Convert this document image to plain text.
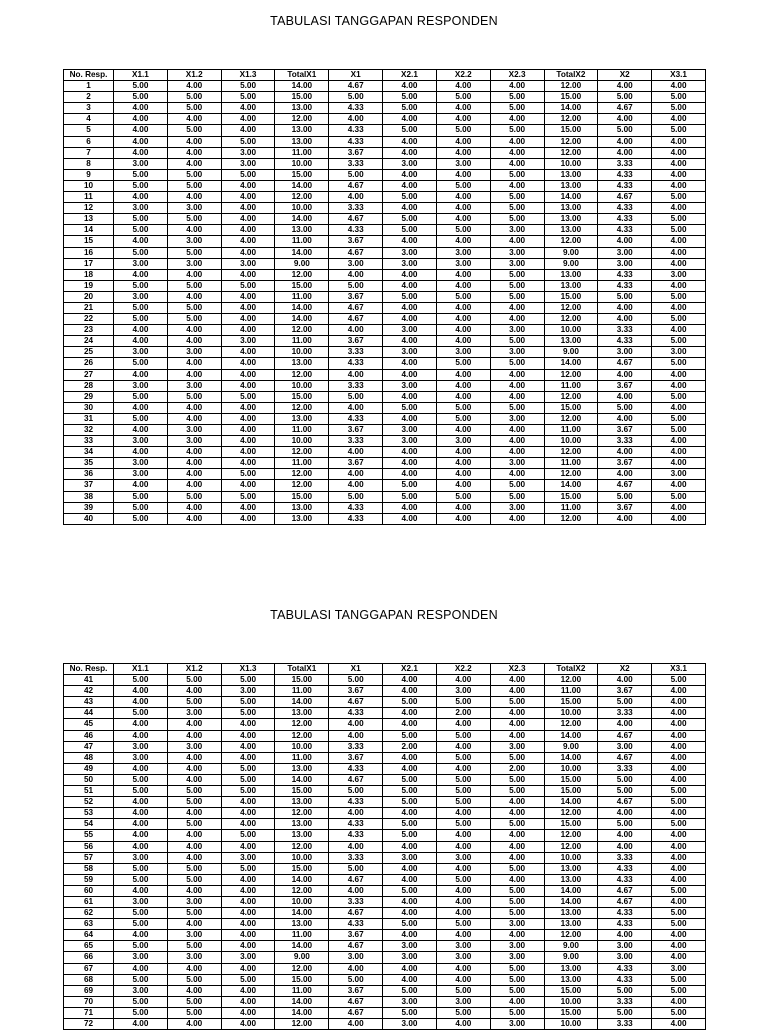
TABULASI TANGGAPAN RESPONDEN
No. Resp.	X1.1	X1.2	X1.3	TotalX1	X1	X2.1	X2.2	X2.3	TotalX2	X2	X3.1
1	5.00	4.00	5.00	14.00	4.67	4.00	4.00	4.00	12.00	4.00	4.00
2	5.00	5.00	5.00	15.00	5.00	5.00	5.00	5.00	15.00	5.00	5.00
3	4.00	5.00	4.00	13.00	4.33	5.00	4.00	5.00	14.00	4.67	5.00
4	4.00	4.00	4.00	12.00	4.00	4.00	4.00	4.00	12.00	4.00	4.00
5	4.00	5.00	4.00	13.00	4.33	5.00	5.00	5.00	15.00	5.00	5.00
6	4.00	4.00	5.00	13.00	4.33	4.00	4.00	4.00	12.00	4.00	4.00
7	4.00	4.00	3.00	11.00	3.67	4.00	4.00	4.00	12.00	4.00	4.00
8	3.00	4.00	3.00	10.00	3.33	3.00	3.00	4.00	10.00	3.33	4.00
9	5.00	5.00	5.00	15.00	5.00	4.00	4.00	5.00	13.00	4.33	4.00
10	5.00	5.00	4.00	14.00	4.67	4.00	5.00	4.00	13.00	4.33	4.00
11	4.00	4.00	4.00	12.00	4.00	5.00	4.00	5.00	14.00	4.67	5.00
12	3.00	3.00	4.00	10.00	3.33	4.00	4.00	5.00	13.00	4.33	4.00
13	5.00	5.00	4.00	14.00	4.67	5.00	4.00	5.00	13.00	4.33	5.00
14	5.00	4.00	4.00	13.00	4.33	5.00	5.00	3.00	13.00	4.33	5.00
15	4.00	3.00	4.00	11.00	3.67	4.00	4.00	4.00	12.00	4.00	4.00
16	5.00	5.00	4.00	14.00	4.67	3.00	3.00	3.00	9.00	3.00	4.00
17	3.00	3.00	3.00	9.00	3.00	3.00	3.00	3.00	9.00	3.00	4.00
18	4.00	4.00	4.00	12.00	4.00	4.00	4.00	5.00	13.00	4.33	3.00
19	5.00	5.00	5.00	15.00	5.00	4.00	4.00	5.00	13.00	4.33	4.00
20	3.00	4.00	4.00	11.00	3.67	5.00	5.00	5.00	15.00	5.00	5.00
21	5.00	5.00	4.00	14.00	4.67	4.00	4.00	4.00	12.00	4.00	4.00
22	5.00	5.00	4.00	14.00	4.67	4.00	4.00	4.00	12.00	4.00	5.00
23	4.00	4.00	4.00	12.00	4.00	3.00	4.00	3.00	10.00	3.33	4.00
24	4.00	4.00	3.00	11.00	3.67	4.00	4.00	5.00	13.00	4.33	5.00
25	3.00	3.00	4.00	10.00	3.33	3.00	3.00	3.00	9.00	3.00	3.00
26	5.00	4.00	4.00	13.00	4.33	4.00	5.00	5.00	14.00	4.67	5.00
27	4.00	4.00	4.00	12.00	4.00	4.00	4.00	4.00	12.00	4.00	4.00
28	3.00	3.00	4.00	10.00	3.33	3.00	4.00	4.00	11.00	3.67	4.00
29	5.00	5.00	5.00	15.00	5.00	4.00	4.00	4.00	12.00	4.00	5.00
30	4.00	4.00	4.00	12.00	4.00	5.00	5.00	5.00	15.00	5.00	4.00
31	5.00	4.00	4.00	13.00	4.33	4.00	5.00	3.00	12.00	4.00	5.00
32	4.00	3.00	4.00	11.00	3.67	3.00	4.00	4.00	11.00	3.67	5.00
33	3.00	3.00	4.00	10.00	3.33	3.00	3.00	4.00	10.00	3.33	4.00
34	4.00	4.00	4.00	12.00	4.00	4.00	4.00	4.00	12.00	4.00	4.00
35	3.00	4.00	4.00	11.00	3.67	4.00	4.00	3.00	11.00	3.67	4.00
36	3.00	4.00	5.00	12.00	4.00	4.00	4.00	4.00	12.00	4.00	3.00
37	4.00	4.00	4.00	12.00	4.00	5.00	4.00	5.00	14.00	4.67	4.00
38	5.00	5.00	5.00	15.00	5.00	5.00	5.00	5.00	15.00	5.00	5.00
39	5.00	4.00	4.00	13.00	4.33	4.00	4.00	3.00	11.00	3.67	4.00
40	5.00	4.00	4.00	13.00	4.33	4.00	4.00	4.00	12.00	4.00	4.00
TABULASI TANGGAPAN RESPONDEN
No. Resp.	X1.1	X1.2	X1.3	TotalX1	X1	X2.1	X2.2	X2.3	TotalX2	X2	X3.1
41	5.00	5.00	5.00	15.00	5.00	4.00	4.00	4.00	12.00	4.00	5.00
42	4.00	4.00	3.00	11.00	3.67	4.00	3.00	4.00	11.00	3.67	4.00
43	4.00	5.00	5.00	14.00	4.67	5.00	5.00	5.00	15.00	5.00	4.00
44	5.00	3.00	5.00	13.00	4.33	4.00	2.00	4.00	10.00	3.33	4.00
45	4.00	4.00	4.00	12.00	4.00	4.00	4.00	4.00	12.00	4.00	4.00
46	4.00	4.00	4.00	12.00	4.00	5.00	5.00	4.00	14.00	4.67	4.00
47	3.00	3.00	4.00	10.00	3.33	2.00	4.00	3.00	9.00	3.00	4.00
48	3.00	4.00	4.00	11.00	3.67	4.00	5.00	5.00	14.00	4.67	4.00
49	4.00	4.00	5.00	13.00	4.33	4.00	4.00	2.00	10.00	3.33	4.00
50	5.00	4.00	5.00	14.00	4.67	5.00	5.00	5.00	15.00	5.00	4.00
51	5.00	5.00	5.00	15.00	5.00	5.00	5.00	5.00	15.00	5.00	5.00
52	4.00	5.00	4.00	13.00	4.33	5.00	5.00	4.00	14.00	4.67	5.00
53	4.00	4.00	4.00	12.00	4.00	4.00	4.00	4.00	12.00	4.00	4.00
54	4.00	5.00	4.00	13.00	4.33	5.00	5.00	5.00	15.00	5.00	5.00
55	4.00	4.00	5.00	13.00	4.33	5.00	4.00	4.00	12.00	4.00	4.00
56	4.00	4.00	4.00	12.00	4.00	4.00	4.00	4.00	12.00	4.00	4.00
57	3.00	4.00	3.00	10.00	3.33	3.00	3.00	4.00	10.00	3.33	4.00
58	5.00	5.00	5.00	15.00	5.00	4.00	4.00	5.00	13.00	4.33	4.00
59	5.00	5.00	4.00	14.00	4.67	4.00	5.00	4.00	13.00	4.33	4.00
60	4.00	4.00	4.00	12.00	4.00	5.00	4.00	5.00	14.00	4.67	5.00
61	3.00	3.00	4.00	10.00	3.33	4.00	4.00	5.00	14.00	4.67	4.00
62	5.00	5.00	4.00	14.00	4.67	4.00	4.00	5.00	13.00	4.33	5.00
63	5.00	4.00	4.00	13.00	4.33	5.00	5.00	3.00	13.00	4.33	5.00
64	4.00	3.00	4.00	11.00	3.67	4.00	4.00	4.00	12.00	4.00	4.00
65	5.00	5.00	4.00	14.00	4.67	3.00	3.00	3.00	9.00	3.00	4.00
66	3.00	3.00	3.00	9.00	3.00	3.00	3.00	3.00	9.00	3.00	4.00
67	4.00	4.00	4.00	12.00	4.00	4.00	4.00	5.00	13.00	4.33	3.00
68	5.00	5.00	5.00	15.00	5.00	4.00	4.00	5.00	13.00	4.33	5.00
69	3.00	4.00	4.00	11.00	3.67	5.00	5.00	5.00	15.00	5.00	5.00
70	5.00	5.00	4.00	14.00	4.67	3.00	3.00	4.00	10.00	3.33	4.00
71	5.00	5.00	4.00	14.00	4.67	5.00	5.00	5.00	15.00	5.00	5.00
72	4.00	4.00	4.00	12.00	4.00	3.00	4.00	3.00	10.00	3.33	4.00
